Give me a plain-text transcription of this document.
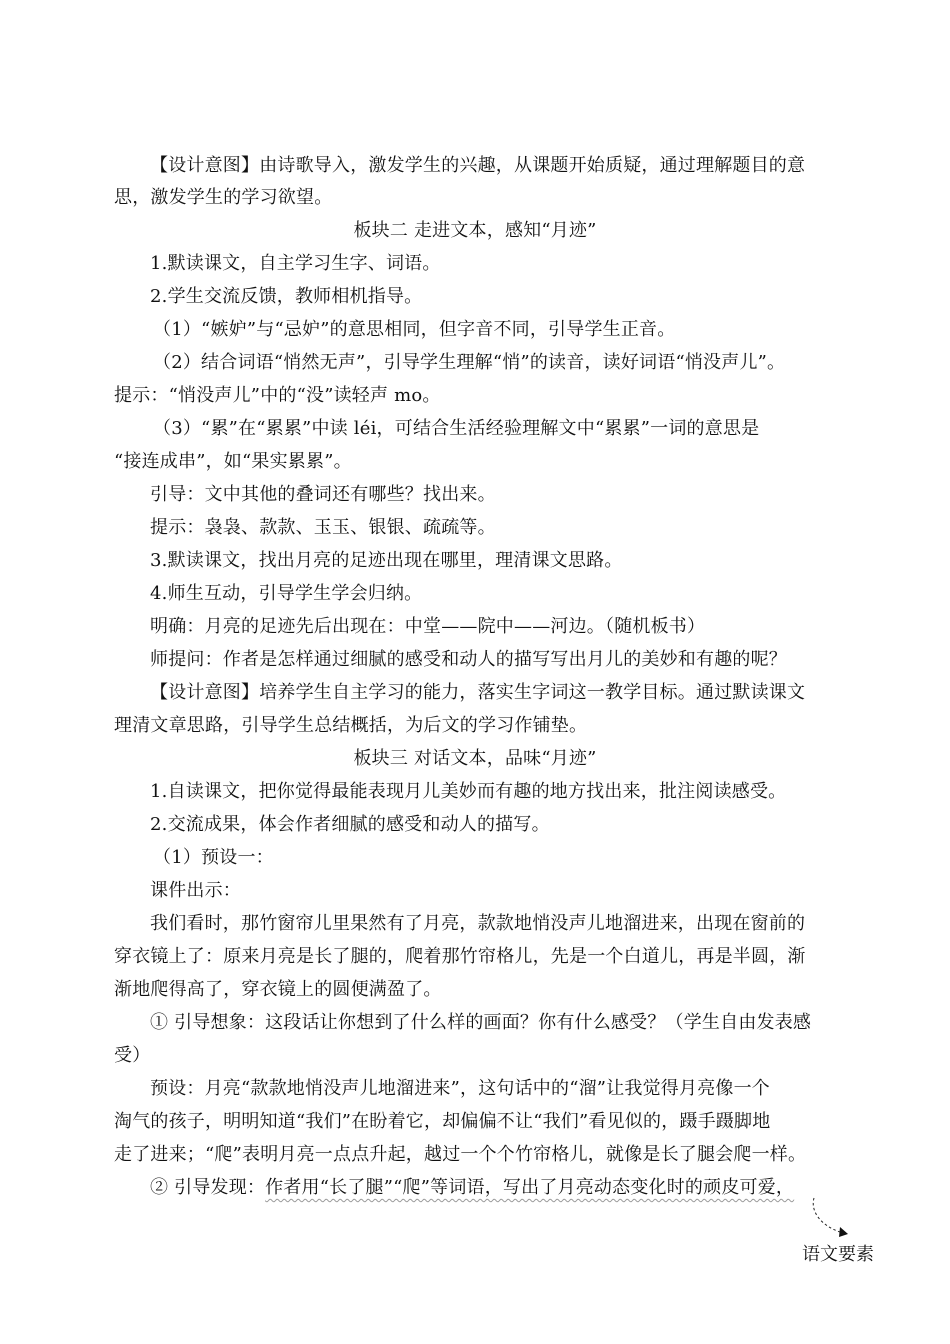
【设计意图】由诗歌导入，激发学生的兴趣，从课题开始质疑，通过理解题目的意
思，激发学生的学习欲望。
板块二 走进文本，感知“月迹”
1.默读课文，自主学习生字、词语。
2.学生交流反馈，教师相机指导。
（1）“嫉妒”与“忌妒”的意思相同，但字音不同，引导学生正音。
（2）结合词语“悄然无声”，引导学生理解“悄”的读音，读好词语“悄没声儿”。
提示：“悄没声儿”中的“没”读轻声 mo。
（3）“累”在“累累”中读 léi，可结合生活经验理解文中“累累”一词的意思是
“接连成串”，如“果实累累”。
引导：文中其他的叠词还有哪些？找出来。
提示：袅袅、款款、玉玉、银银、疏疏等。
3.默读课文，找出月亮的足迹出现在哪里，理清课文思路。
4.师生互动，引导学生学会归纳。
明确：月亮的足迹先后出现在：中堂——院中——河边。（随机板书）
师提问：作者是怎样通过细腻的感受和动人的描写写出月儿的美妙和有趣的呢？
【设计意图】培养学生自主学习的能力，落实生字词这一教学目标。通过默读课文
理清文章思路，引导学生总结概括，为后文的学习作铺垫。
板块三 对话文本，品味“月迹”
1.自读课文，把你觉得最能表现月儿美妙而有趣的地方找出来，批注阅读感受。
2.交流成果，体会作者细腻的感受和动人的描写。
（1）预设一：
课件出示：
我们看时，那竹窗帘儿里果然有了月亮，款款地悄没声儿地溜进来，出现在窗前的
穿衣镜上了：原来月亮是长了腿的，爬着那竹帘格儿，先是一个白道儿，再是半圆，渐
渐地爬得高了，穿衣镜上的圆便满盈了。
① 引导想象：这段话让你想到了什么样的画面？你有什么感受？（学生自由发表感
受）
预设：月亮“款款地悄没声儿地溜进来”，这句话中的“溜”让我觉得月亮像一个
淘气的孩子，明明知道“我们”在盼着它，却偏偏不让“我们”看见似的，蹑手蹑脚地
走了进来；“爬”表明月亮一点点升起，越过一个个竹帘格儿，就像是长了腿会爬一样。
② 引导发现：作者用“长了腿”“爬”等词语，写出了月亮动态变化时的顽皮可爱，
语文要素
